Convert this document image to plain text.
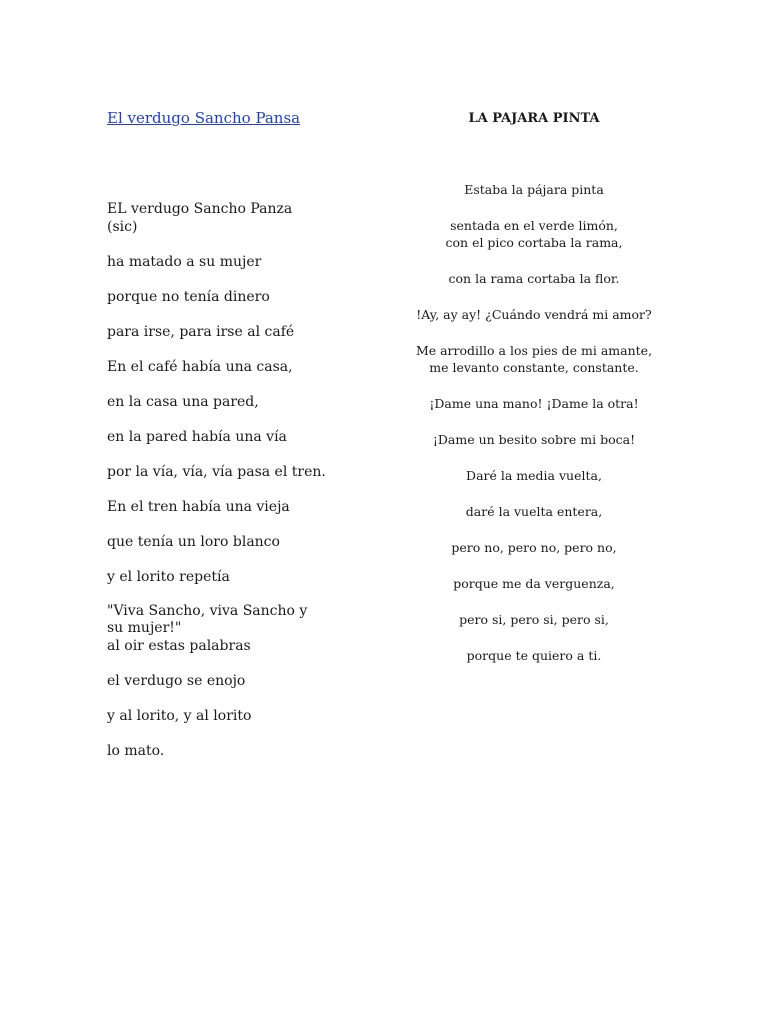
El verdugo Sancho Pansa
EL verdugo Sancho Panza (sic)
ha matado a su mujer
porque no tenía dinero
para irse, para irse al café
En el café había una casa,
en la casa una pared,
en la pared había una vía
por la vía, vía, vía pasa el tren.
En el tren había una vieja
que tenía un loro blanco
y el lorito repetía
"Viva Sancho, viva Sancho y su mujer!"
al oir estas palabras
el verdugo se enojo
y al lorito, y al lorito
lo mato.
LA PAJARA PINTA
Estaba la pájara pinta
sentada en el verde limón,
con el pico cortaba la rama,
con la rama cortaba la flor.
!Ay, ay ay! ¿Cuándo vendrá mi amor?
Me arrodillo a los pies de mi amante,
me levanto constante, constante.
¡Dame una mano! ¡Dame la otra!
¡Dame un besito sobre mi boca!
Daré la media vuelta,
daré la vuelta entera,
pero no, pero no, pero no,
porque me da verguenza,
pero si, pero si, pero si,
porque te quiero a ti.
